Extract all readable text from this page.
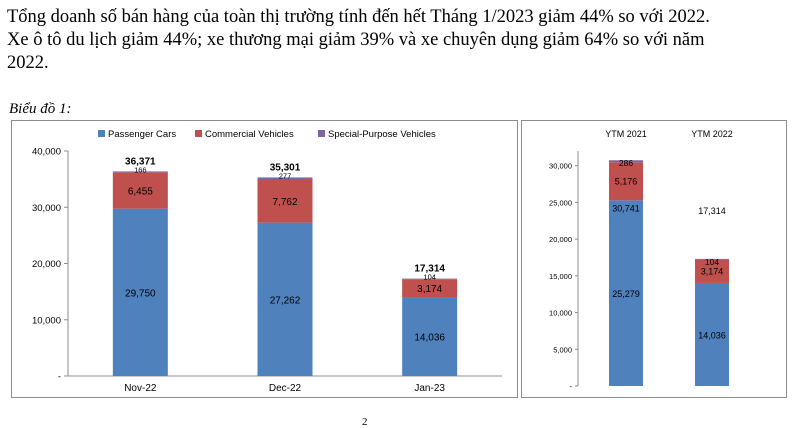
Tổng doanh số bán hàng của toàn thị trường tính đến hết Tháng 1/2023 giảm 44% so với 2022.

Xe ô tô du lịch giảm 44%; xe thương mại giảm 39% và xe chuyên dụng giảm 64% so với năm

2022.

Biểu đồ 1:
Passenger Cars	Commercial Vehicles	Special-Purpose Vehicles
-
10,000
20,000
30,000
40,000
29,750
6,455
166
36,371
Nov-22
27,262
7,762
277
35,301
Dec-22
14,036
3,174
104
17,314
Jan-23	-
5,000
10,000
15,000
20,000
25,000
30,000
YTM 2021
25,279
5,176
286
YTM 2022
14,036
3,174
104
30,741	17,314
2
